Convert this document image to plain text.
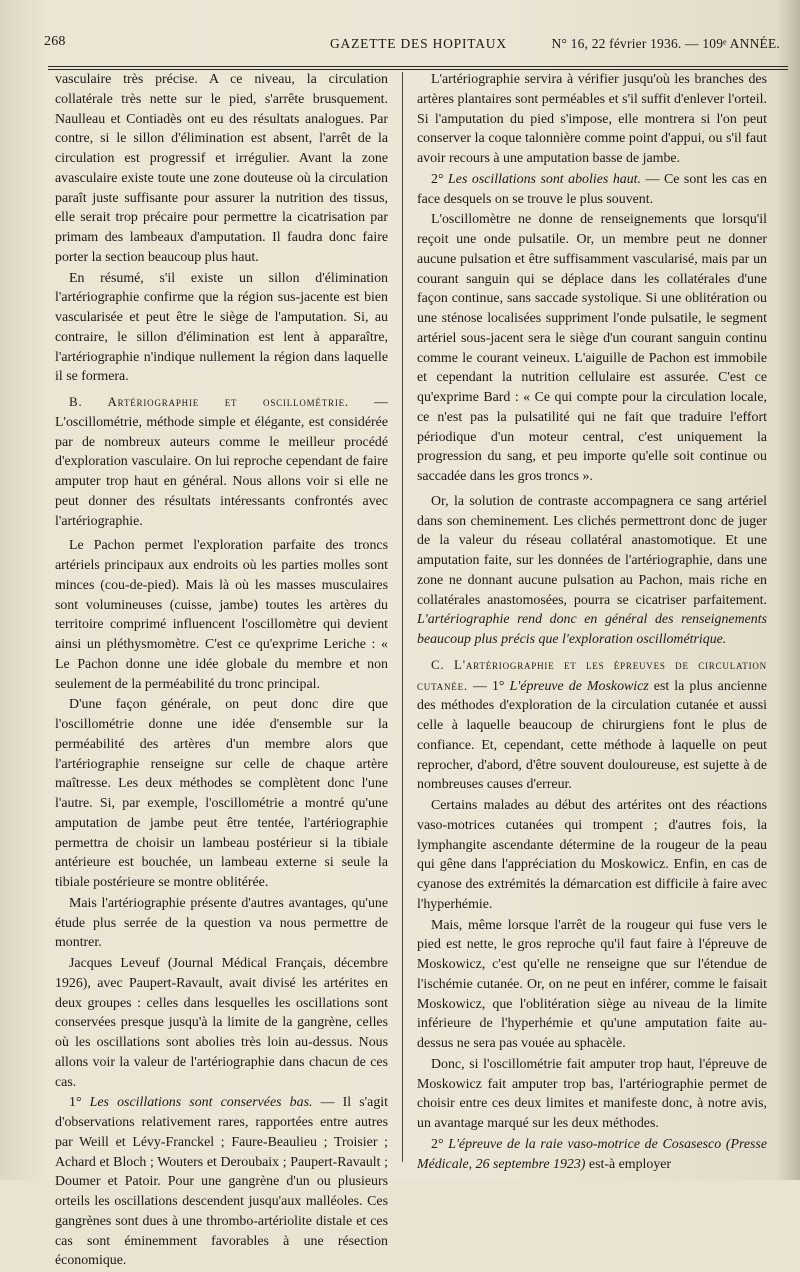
268	GAZETTE DES HOPITAUX	N° 16, 22 février 1936. — 109ᵉ ANNÉE.

vasculaire très précise. A ce niveau, la circulation collatérale très nette sur le pied, s'arrête brusquement. Naulleau et Contiadès ont eu des résultats analogues. Par contre, si le sillon d'élimination est absent, l'arrêt de la circulation est progressif et irrégulier. Avant la zone avasculaire existe toute une zone douteuse où la circulation paraît juste suffisante pour assurer la nutrition des tissus, elle serait trop précaire pour permettre la cicatrisation par primam des lambeaux d'amputation. Il faudra donc faire porter la section beaucoup plus haut.

En résumé, s'il existe un sillon d'élimination l'artériographie confirme que la région sus-jacente est bien vascularisée et peut être le siège de l'amputation. Si, au contraire, le sillon d'élimination est lent à apparaître, l'artériographie n'indique nullement la région dans laquelle il se formera.

B. Artériographie et oscillométrie. — L'oscillométrie, méthode simple et élégante, est considérée par de nombreux auteurs comme le meilleur procédé d'exploration vasculaire. On lui reproche cependant de faire amputer trop haut en général. Nous allons voir si elle ne peut donner des résultats intéressants confrontés avec l'artériographie.

Le Pachon permet l'exploration parfaite des troncs artériels principaux aux endroits où les parties molles sont minces (cou-de-pied). Mais là où les masses musculaires sont volumineuses (cuisse, jambe) toutes les artères du territoire comprimé influencent l'oscillomètre qui devient ainsi un pléthysmomètre. C'est ce qu'exprime Leriche : « Le Pachon donne une idée globale du membre et non seulement de la perméabilité du tronc principal.

D'une façon générale, on peut donc dire que l'oscillométrie donne une idée d'ensemble sur la perméabilité des artères d'un membre alors que l'artériographie renseigne sur celle de chaque artère maîtresse. Les deux méthodes se complètent donc l'une l'autre. Si, par exemple, l'oscillométrie a montré qu'une amputation de jambe peut être tentée, l'artériographie permettra de choisir un lambeau postérieur si la tibiale antérieure est bouchée, un lambeau externe si seule la tibiale postérieure se montre oblitérée.

Mais l'artériographie présente d'autres avantages, qu'une étude plus serrée de la question va nous permettre de montrer.

Jacques Leveuf (Journal Médical Français, décembre 1926), avec Paupert-Ravault, avait divisé les artérites en deux groupes : celles dans lesquelles les oscillations sont conservées presque jusqu'à la limite de la gangrène, celles où les oscillations sont abolies très loin au-dessus. Nous allons voir la valeur de l'artériographie dans chacun de ces cas.

1° Les oscillations sont conservées bas. — Il s'agit d'observations relativement rares, rapportées entre autres par Weill et Lévy-Franckel ; Faure-Beaulieu ; Troisier ; Achard et Bloch ; Wouters et Deroubaix ; Paupert-Ravault ; Doumer et Patoir. Pour une gangrène d'un ou plusieurs orteils les oscillations descendent jusqu'aux malléoles. Ces gangrènes sont dues à une thrombo-artériolite distale et ces cas sont éminemment favorables à une résection économique.

L'artériographie servira à vérifier jusqu'où les branches des artères plantaires sont perméables et s'il suffit d'enlever l'orteil. Si l'amputation du pied s'impose, elle montrera si l'on peut conserver la coque talonnière comme point d'appui, ou s'il faut avoir recours à une amputation basse de jambe.

2° Les oscillations sont abolies haut. — Ce sont les cas en face desquels on se trouve le plus souvent.

L'oscillomètre ne donne de renseignements que lorsqu'il reçoit une onde pulsatile. Or, un membre peut ne donner aucune pulsation et être suffisamment vascularisé, mais par un courant sanguin qui se déplace dans les collatérales d'une façon continue, sans saccade systolique. Si une oblitération ou une sténose localisées suppriment l'onde pulsatile, le segment artériel sous-jacent sera le siège d'un courant sanguin continu comme le courant veineux. L'aiguille de Pachon est immobile et cependant la nutrition cellulaire est assurée. C'est ce qu'exprime Bard : « Ce qui compte pour la circulation locale, ce n'est pas la pulsatilité qui ne fait que traduire l'effort périodique d'un moteur central, c'est uniquement la progression du sang, et peu importe qu'elle soit continue ou saccadée dans les gros troncs ».

Or, la solution de contraste accompagnera ce sang artériel dans son cheminement. Les clichés permettront donc de juger de la valeur du réseau collatéral anastomotique. Et une amputation faite, sur les données de l'artériographie, dans une zone ne donnant aucune pulsation au Pachon, mais riche en collatérales anastomosées, pourra se cicatriser parfaitement. L'artériographie rend donc en général des renseignements beaucoup plus précis que l'exploration oscillométrique.

C. L'artériographie et les épreuves de circulation cutanée. — 1° L'épreuve de Moskowicz est la plus ancienne des méthodes d'exploration de la circulation cutanée et aussi celle à laquelle beaucoup de chirurgiens font le plus de confiance. Et, cependant, cette méthode à laquelle on peut reprocher, d'abord, d'être souvent douloureuse, est sujette à de nombreuses causes d'erreur.

Certains malades au début des artérites ont des réactions vaso-motrices cutanées qui trompent ; d'autres fois, la lymphangite ascendante détermine de la rougeur de la peau qui gêne dans l'appréciation du Moskowicz. Enfin, en cas de cyanose des extrémités la démarcation est difficile à faire avec l'hyperhémie.

Mais, même lorsque l'arrêt de la rougeur qui fuse vers le pied est nette, le gros reproche qu'il faut faire à l'épreuve de Moskowicz, c'est qu'elle ne renseigne que sur l'étendue de l'ischémie cutanée. Or, on ne peut en inférer, comme le faisait Moskowicz, que l'oblitération siège au niveau de la limite inférieure de l'hyperhémie et qu'une amputation faite au-dessus ne sera pas vouée au sphacèle.

Donc, si l'oscillométrie fait amputer trop haut, l'épreuve de Moskowicz fait amputer trop bas, l'artériographie permet de choisir entre ces deux limites et manifeste donc, à notre avis, un avantage marqué sur les deux méthodes.

2° L'épreuve de la raie vaso-motrice de Cosasesco (Presse Médicale, 26 septembre 1923) est-à employer
